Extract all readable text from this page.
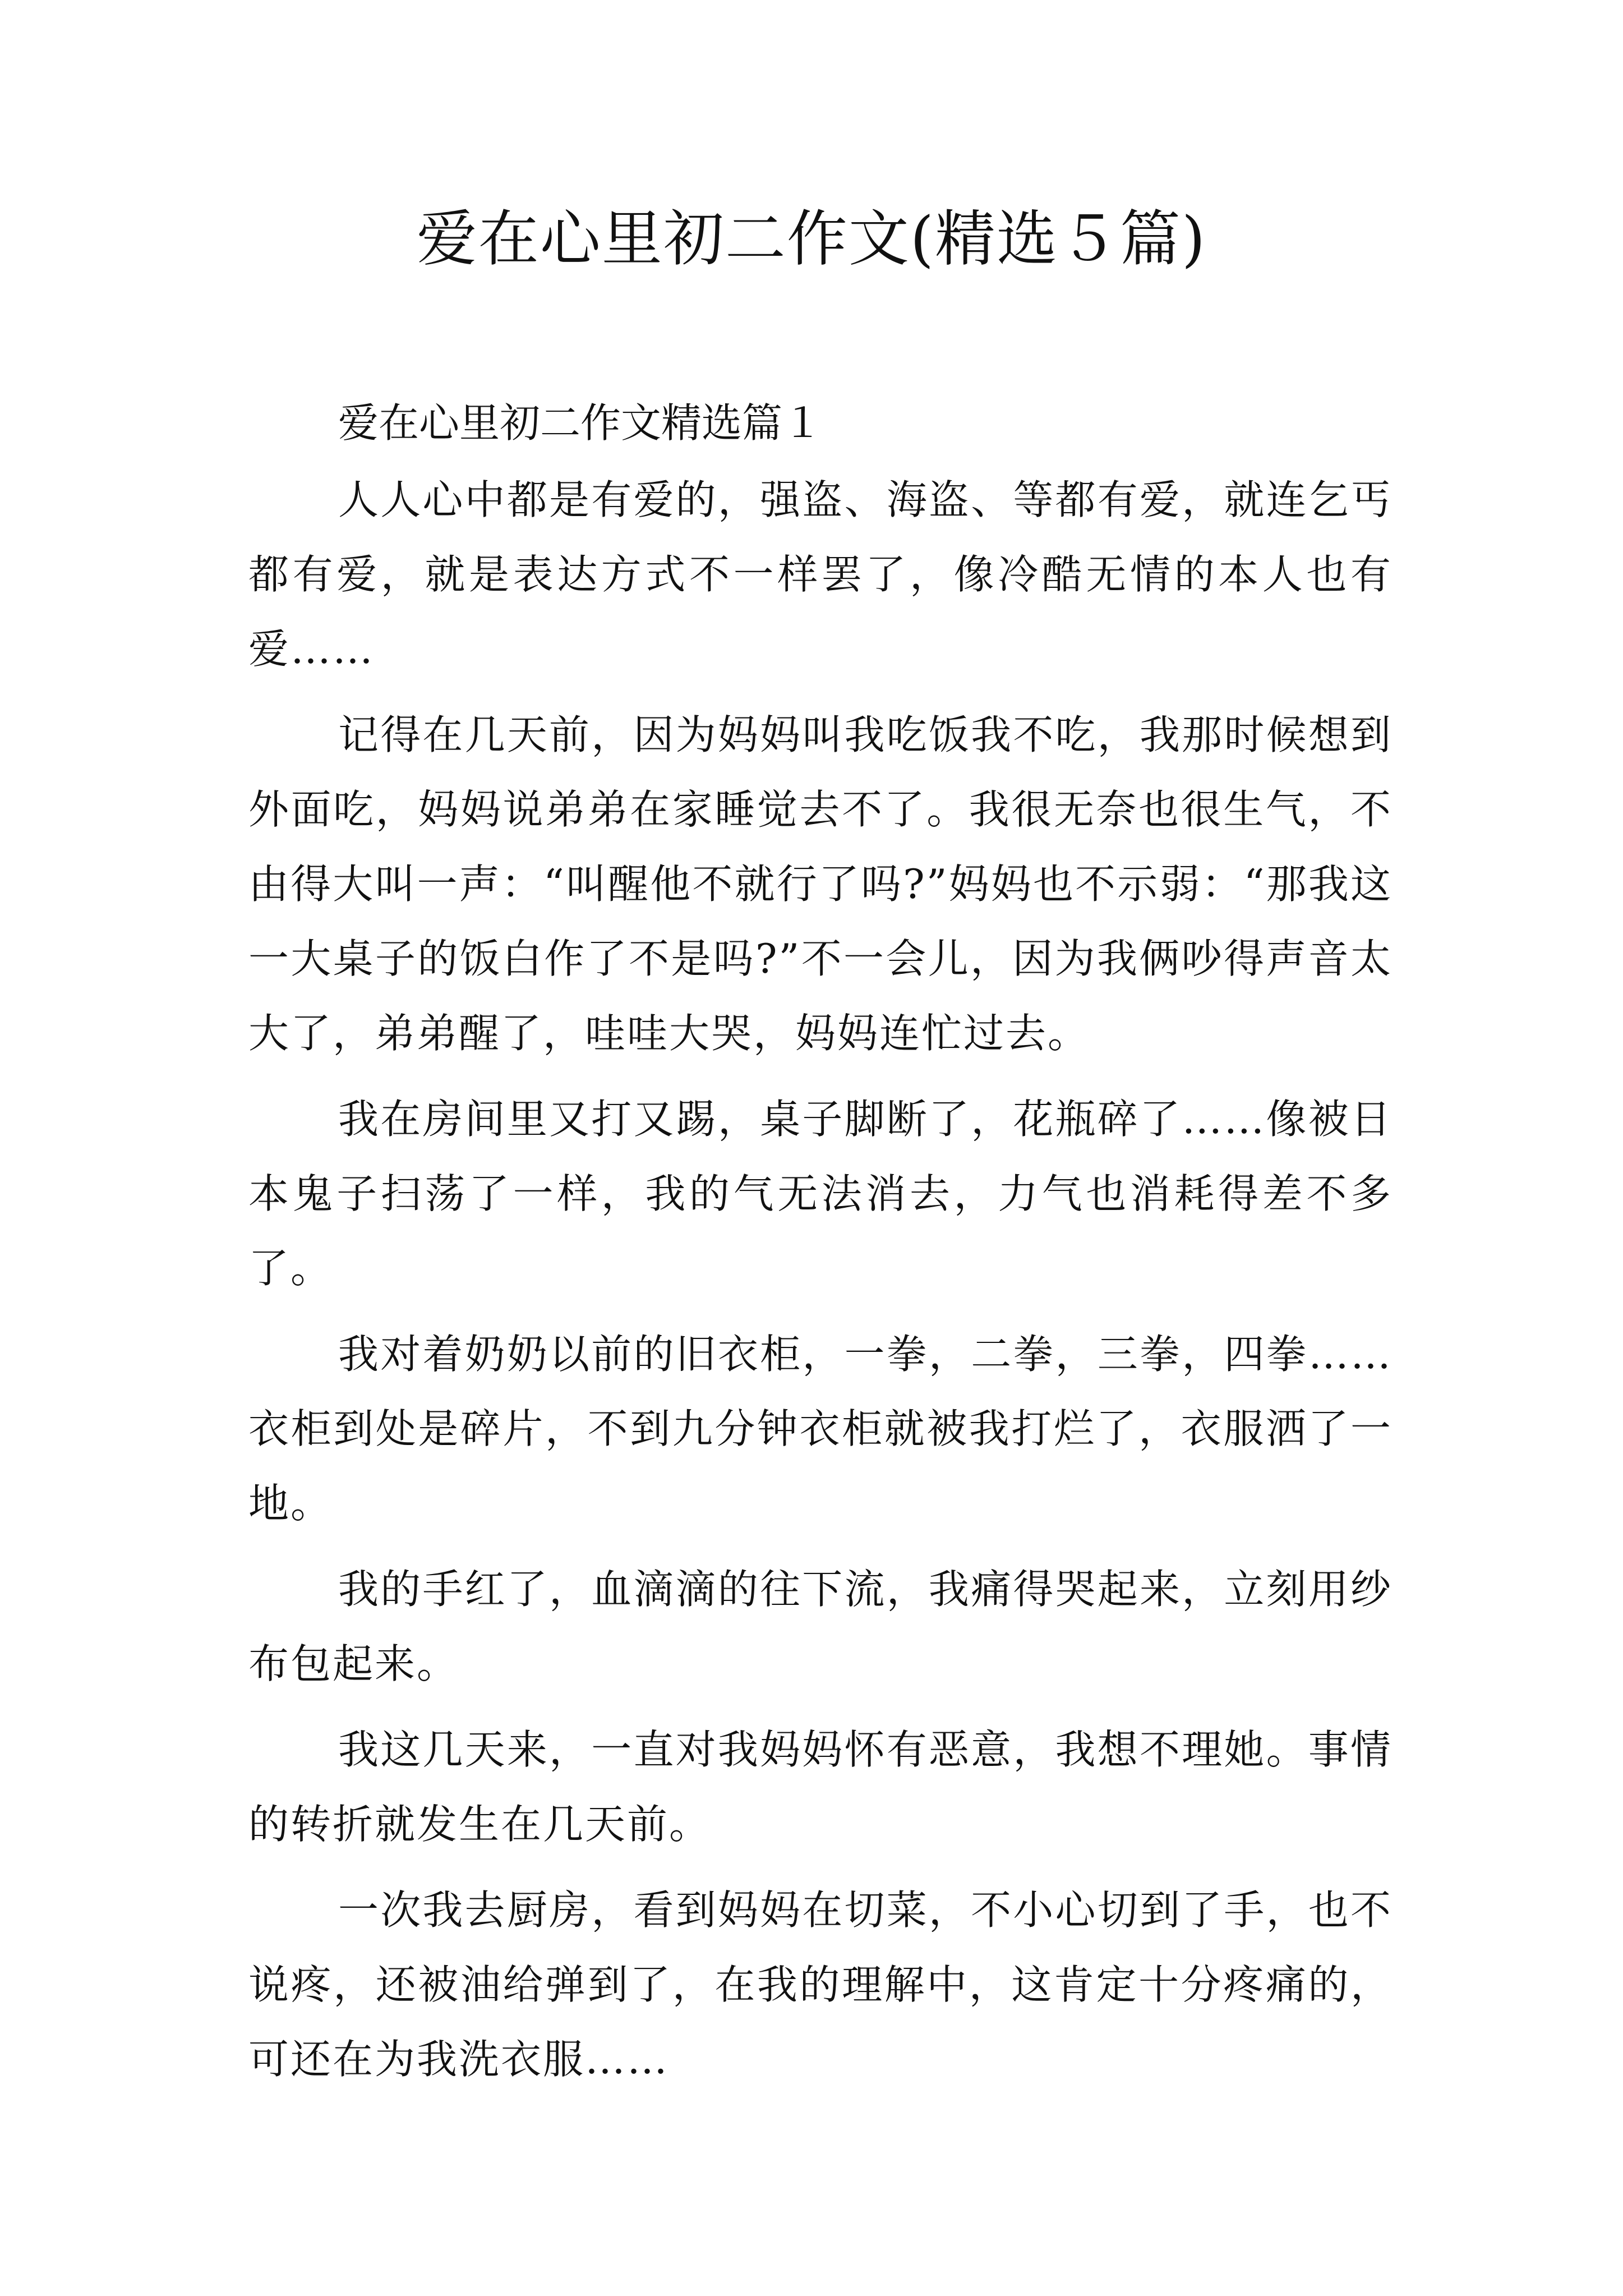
爱在心里初二作文(精选５篇)

爱在心里初二作文精选篇１

人人心中都是有爱的，强盗、海盗、等都有爱，就连乞丐都有爱，就是表达方式不一样罢了，像冷酷无情的本人也有爱……

记得在几天前，因为妈妈叫我吃饭我不吃，我那时候想到外面吃，妈妈说弟弟在家睡觉去不了。我很无奈也很生气，不由得大叫一声：“叫醒他不就行了吗?”妈妈也不示弱：“那我这一大桌子的饭白作了不是吗?”不一会儿，因为我俩吵得声音太大了，弟弟醒了，哇哇大哭，妈妈连忙过去。

我在房间里又打又踢，桌子脚断了，花瓶碎了……像被日本鬼子扫荡了一样，我的气无法消去，力气也消耗得差不多了。

我对着奶奶以前的旧衣柜，一拳，二拳，三拳，四拳……衣柜到处是碎片，不到九分钟衣柜就被我打烂了，衣服洒了一地。

我的手红了，血滴滴的往下流，我痛得哭起来，立刻用纱布包起来。

我这几天来，一直对我妈妈怀有恶意，我想不理她。事情的转折就发生在几天前。

一次我去厨房，看到妈妈在切菜，不小心切到了手，也不说疼，还被油给弹到了，在我的理解中，这肯定十分疼痛的，可还在为我洗衣服……
